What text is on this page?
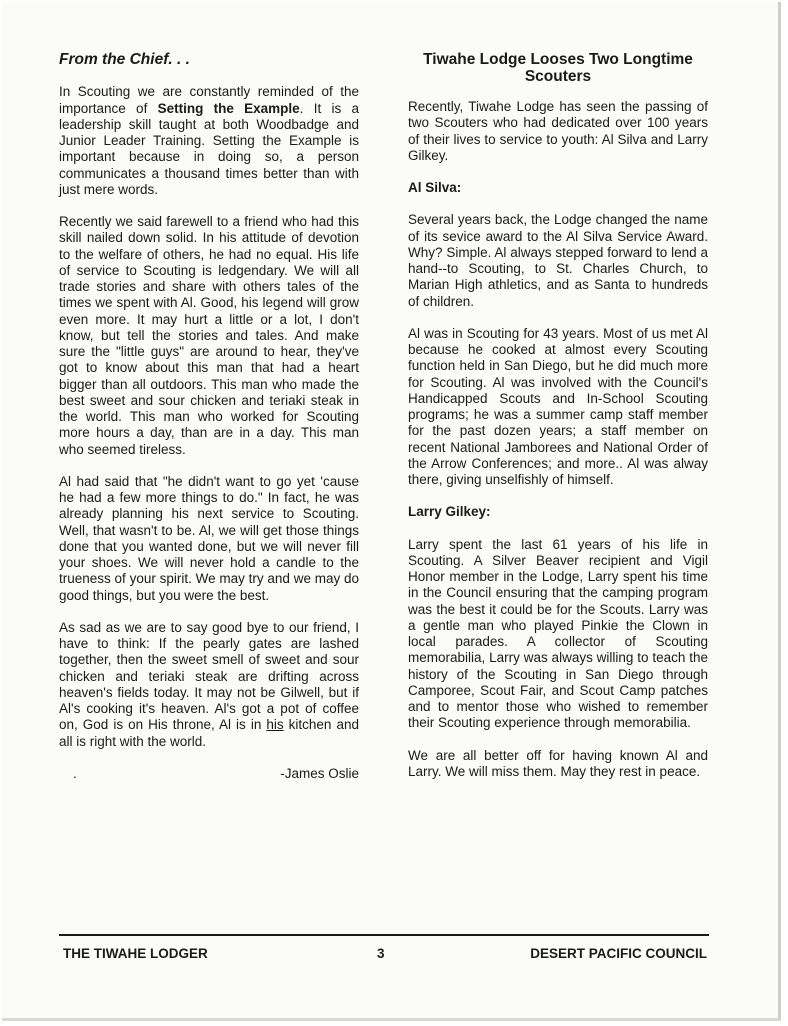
From the Chief. . .

In Scouting we are constantly reminded of the importance of Setting the Example. It is a leadership skill taught at both Woodbadge and Junior Leader Training. Setting the Example is important because in doing so, a person communicates a thousand times better than with just mere words.

Recently we said farewell to a friend who had this skill nailed down solid. In his attitude of devotion to the welfare of others, he had no equal. His life of service to Scouting is ledgendary. We will all trade stories and share with others tales of the times we spent with Al. Good, his legend will grow even more. It may hurt a little or a lot, I don't know, but tell the stories and tales. And make sure the "little guys" are around to hear, they've got to know about this man that had a heart bigger than all outdoors. This man who made the best sweet and sour chicken and teriaki steak in the world. This man who worked for Scouting more hours a day, than are in a day. This man who seemed tireless.

Al had said that "he didn't want to go yet 'cause he had a few more things to do." In fact, he was already planning his next service to Scouting. Well, that wasn't to be. Al, we will get those things done that you wanted done, but we will never fill your shoes. We will never hold a candle to the trueness of your spirit. We may try and we may do good things, but you were the best.

As sad as we are to say good bye to our friend, I have to think: If the pearly gates are lashed together, then the sweet smell of sweet and sour chicken and teriaki steak are drifting across heaven's fields today. It may not be Gilwell, but if Al's cooking it's heaven. Al's got a pot of coffee on, God is on His throne, Al is in his kitchen and all is right with the world.

.	-James Oslie
Tiwahe Lodge Looses Two Longtime Scouters

Recently, Tiwahe Lodge has seen the passing of two Scouters who had dedicated over 100 years of their lives to service to youth: Al Silva and Larry Gilkey.

Al Silva:

Several years back, the Lodge changed the name of its sevice award to the Al Silva Service Award. Why? Simple. Al always stepped forward to lend a hand--to Scouting, to St. Charles Church, to Marian High athletics, and as Santa to hundreds of children.

Al was in Scouting for 43 years. Most of us met Al because he cooked at almost every Scouting function held in San Diego, but he did much more for Scouting. Al was involved with the Council's Handicapped Scouts and In-School Scouting programs; he was a summer camp staff member for the past dozen years; a staff member on recent National Jamborees and National Order of the Arrow Conferences; and more.. Al was alway there, giving unselfishly of himself.

Larry Gilkey:

Larry spent the last 61 years of his life in Scouting. A Silver Beaver recipient and Vigil Honor member in the Lodge, Larry spent his time in the Council ensuring that the camping program was the best it could be for the Scouts. Larry was a gentle man who played Pinkie the Clown in local parades. A collector of Scouting memorabilia, Larry was always willing to teach the history of the Scouting in San Diego through Camporee, Scout Fair, and Scout Camp patches and to mentor those who wished to remember their Scouting experience through memorabilia.

We are all better off for having known Al and Larry. We will miss them. May they rest in peace.

THE TIWAHE LODGER	3	DESERT PACIFIC COUNCIL
